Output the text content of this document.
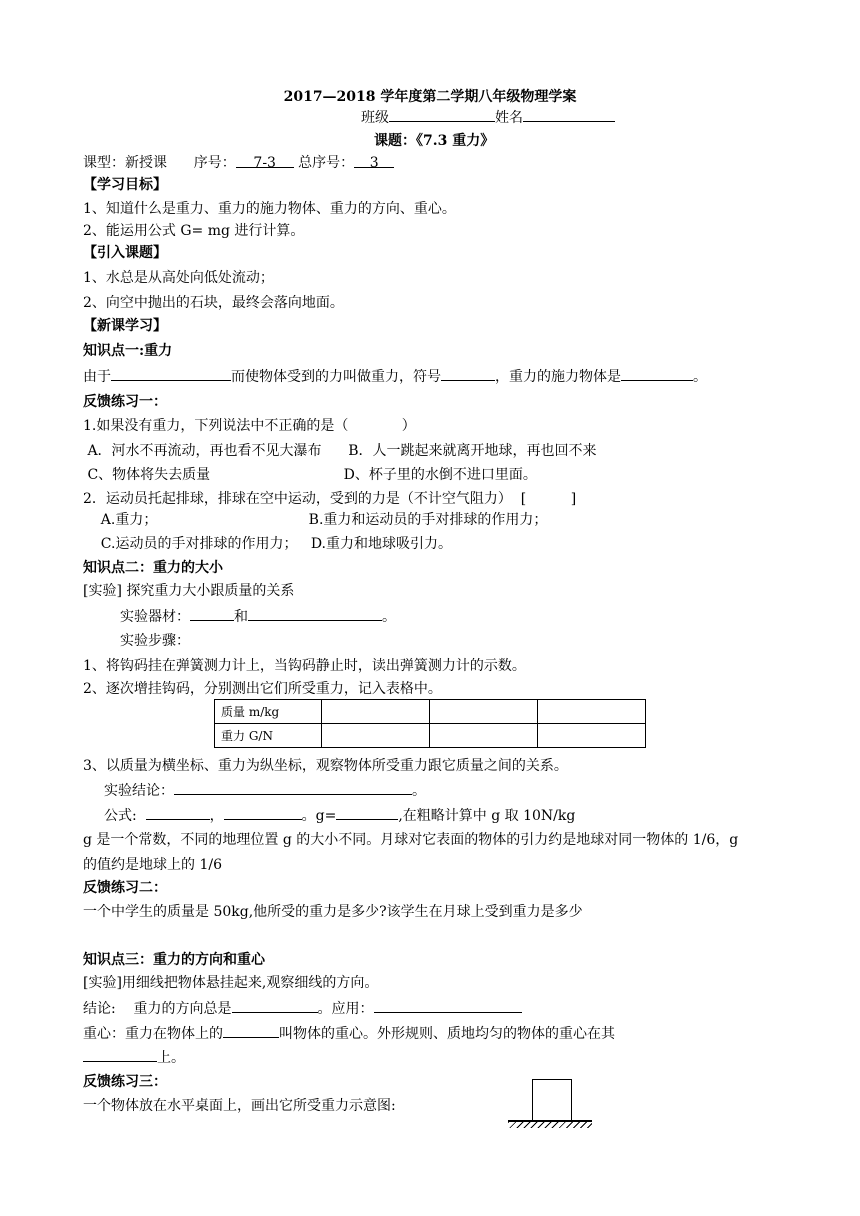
2017—2018 学年度第二学期八年级物理学案
班级	姓名
课题：《7.3 重力》
课型：新授课 序号： 7-3 总序号： 3
【学习目标】
1、知道什么是重力、重力的施力物体、重力的方向、重心。
2、能运用公式 G= mg 进行计算。
【引入课题】
1、水总是从高处向低处流动；
2、向空中抛出的石块，最终会落向地面。
【新课学习】
知识点一:重力
由于	而使物体受到的力叫做重力，符号	，重力的施力物体是	。
反馈练习一：
1.如果没有重力，下列说法中不正确的是（            ）
A．河水不再流动，再也看不见大瀑布      B．人一跳起来就离开地球，再也回不来
C、物体将失去质量                              D、杯子里的水倒不进口里面。
2．运动员托起排球，排球在空中运动，受到的力是（不计空气阻力）  [          ]
A.重力；                                  B.重力和运动员的手对排球的作用力；
C.运动员的手对排球的作用力；   D.重力和地球吸引力。
知识点二：重力的大小
[实验] 探究重力大小跟质量的关系
实验器材：	和	。
实验步骤：
1、将钩码挂在弹簧测力计上，当钩码静止时，读出弹簧测力计的示数。
2、逐次增挂钩码，分别测出它们所受重力，记入表格中。
质量 m/kg			
重力 G/N			
3、以质量为横坐标、重力为纵坐标，观察物体所受重力跟它质量之间的关系。
实验结论：	。
公式:	，	。g=	,在粗略计算中 g 取 10N/kg
g 是一个常数，不同的地理位置 g 的大小不同。月球对它表面的物体的引力约是地球对同一物体的 1/6，g
的值约是地球上的 1/6
反馈练习二：
一个中学生的质量是 50kg,他所受的重力是多少?该学生在月球上受到重力是多少
知识点三：重力的方向和重心
[实验]用细线把物体悬挂起来,观察细线的方向。
结论:    重力的方向总是	。应用：
重心：重力在物体上的	叫物体的重心。外形规则、质地均匀的物体的重心在其
上。
反馈练习三：
一个物体放在水平桌面上，画出它所受重力示意图:
